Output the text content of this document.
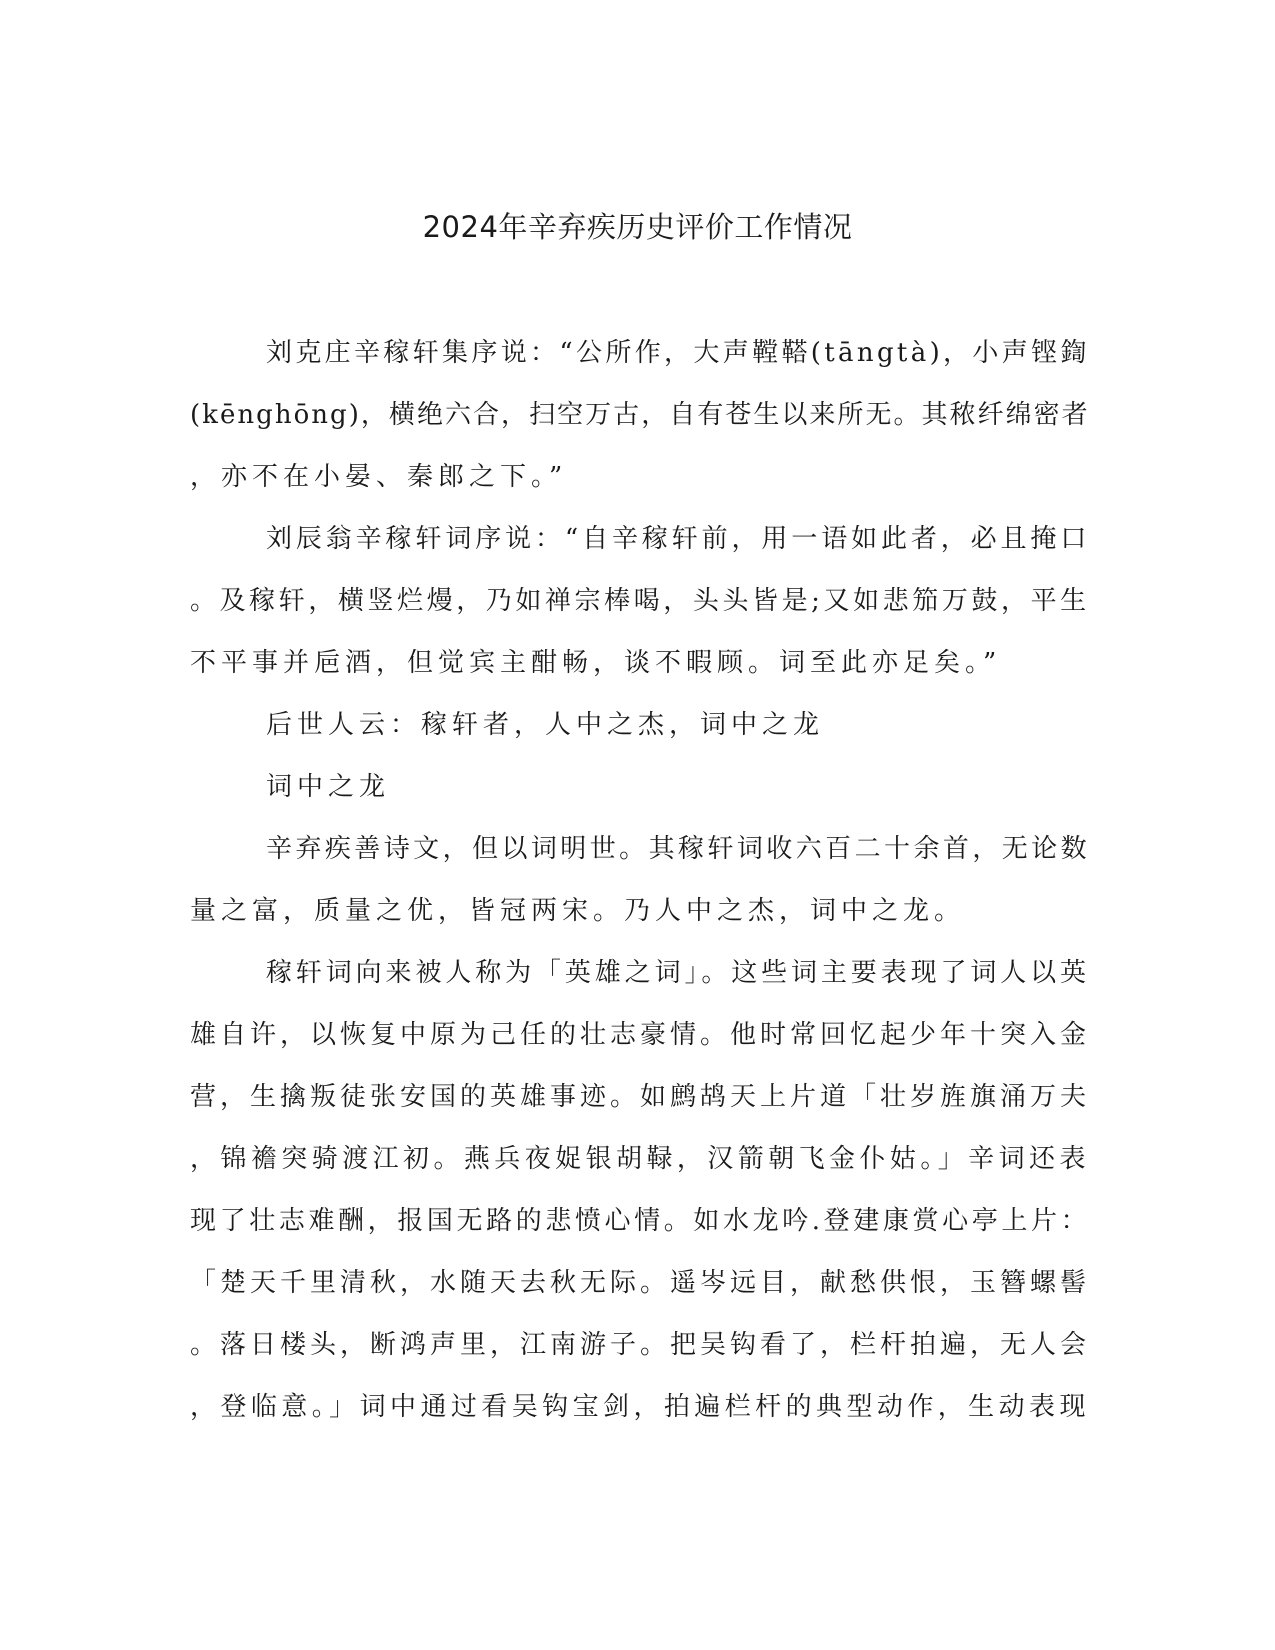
2024年辛弃疾历史评价工作情况
刘克庄辛稼轩集序说：“公所作，大声鞺鞳(tāngtà)，小声铿鍧
(kēnghōng)，横绝六合，扫空万古，自有苍生以来所无。其秾纤绵密者
，亦不在小晏、秦郎之下。”
刘辰翁辛稼轩词序说：“自辛稼轩前，用一语如此者，必且掩口
。及稼轩，横竖烂熳，乃如禅宗棒喝，头头皆是;又如悲笳万鼓，平生
不平事并巵酒，但觉宾主酣畅，谈不暇顾。词至此亦足矣。”
后世人云：稼轩者，人中之杰，词中之龙
词中之龙
辛弃疾善诗文，但以词明世。其稼轩词收六百二十余首，无论数
量之富，质量之优，皆冠两宋。乃人中之杰，词中之龙。
稼轩词向来被人称为「英雄之词」。这些词主要表现了词人以英
雄自许，以恢复中原为己任的壮志豪情。他时常回忆起少年十突入金
营，生擒叛徒张安国的英雄事迹。如鹧鸪天上片道「壮岁旌旗涌万夫
，锦襜突骑渡江初。燕兵夜娖银胡䩮，汉箭朝飞金仆姑。」辛词还表
现了壮志难酬，报国无路的悲愤心情。如水龙吟.登建康赏心亭上片：
「楚天千里清秋，水随天去秋无际。遥岑远目，献愁供恨，玉簪螺髻
。落日楼头，断鸿声里，江南游子。把吴钩看了，栏杆拍遍，无人会
，登临意。」词中通过看吴钩宝剑，拍遍栏杆的典型动作，生动表现
